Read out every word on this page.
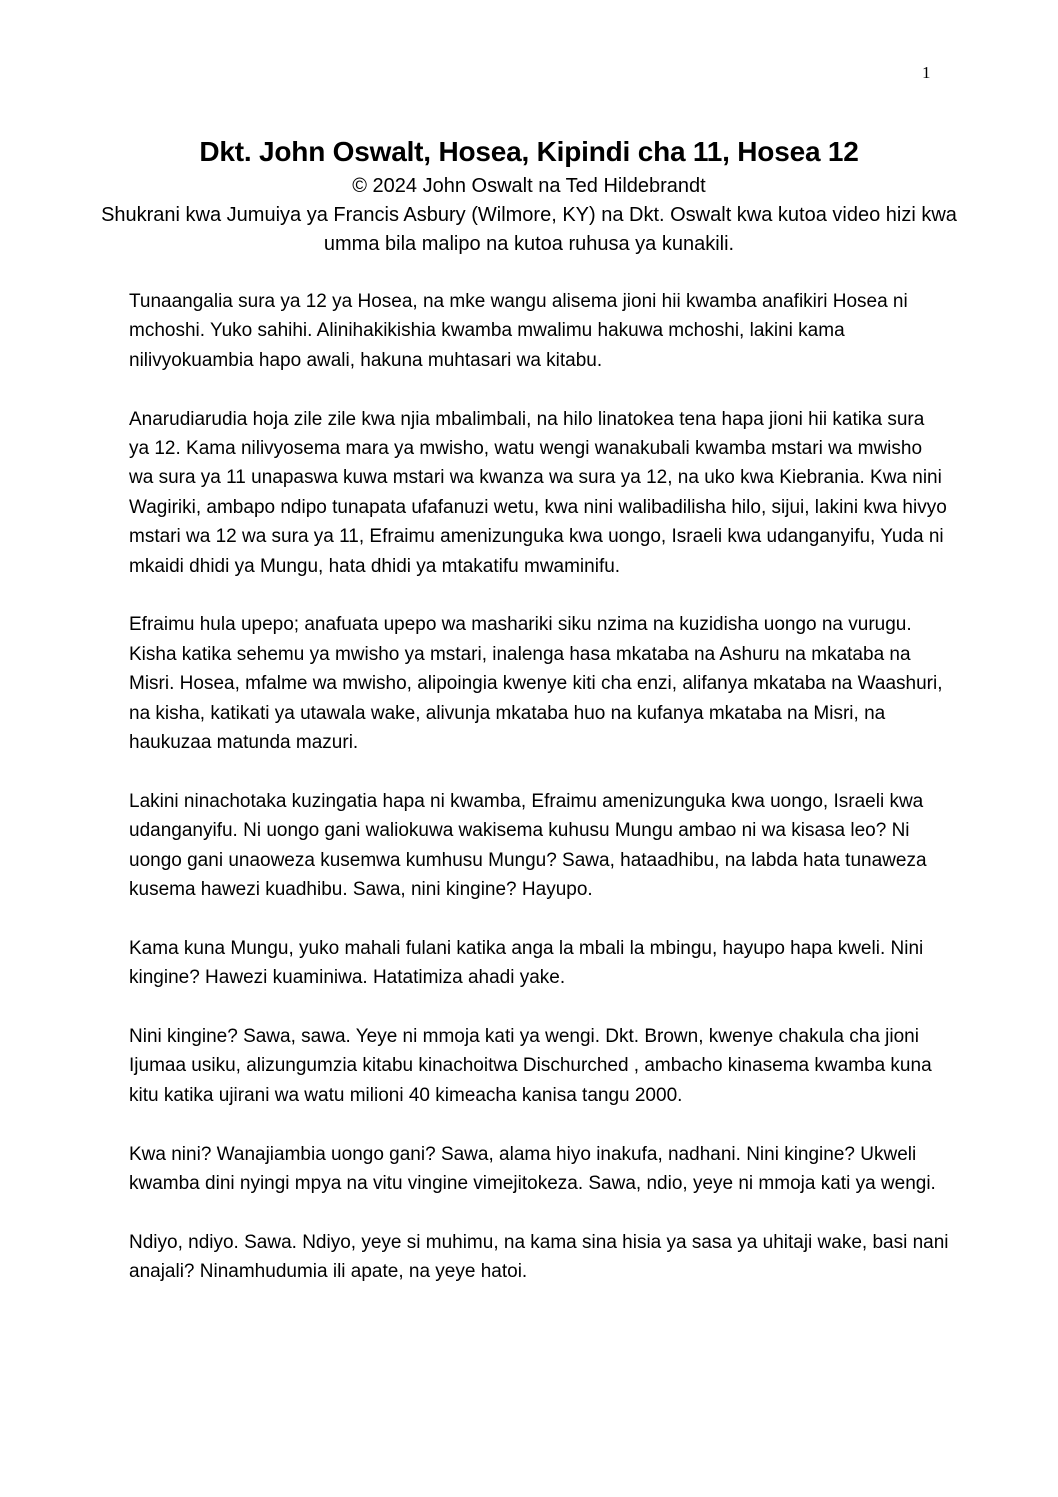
1
Dkt. John Oswalt, Hosea, Kipindi cha 11, Hosea 12

© 2024 John Oswalt na Ted Hildebrandt

Shukrani kwa Jumuiya ya Francis Asbury (Wilmore, KY) na Dkt. Oswalt kwa kutoa video hizi kwa umma bila malipo na kutoa ruhusa ya kunakili.

Tunaangalia sura ya 12 ya Hosea, na mke wangu alisema jioni hii kwamba anafikiri Hosea ni mchoshi. Yuko sahihi. Alinihakikishia kwamba mwalimu hakuwa mchoshi, lakini kama nilivyokuambia hapo awali, hakuna muhtasari wa kitabu.

Anarudiarudia hoja zile zile kwa njia mbalimbali, na hilo linatokea tena hapa jioni hii katika sura ya 12. Kama nilivyosema mara ya mwisho, watu wengi wanakubali kwamba mstari wa mwisho wa sura ya 11 unapaswa kuwa mstari wa kwanza wa sura ya 12, na uko kwa Kiebrania. Kwa nini Wagiriki, ambapo ndipo tunapata ufafanuzi wetu, kwa nini walibadilisha hilo, sijui, lakini kwa hivyo mstari wa 12 wa sura ya 11, Efraimu amenizunguka kwa uongo, Israeli kwa udanganyifu, Yuda ni mkaidi dhidi ya Mungu, hata dhidi ya mtakatifu mwaminifu.

Efraimu hula upepo; anafuata upepo wa mashariki siku nzima na kuzidisha uongo na vurugu. Kisha katika sehemu ya mwisho ya mstari, inalenga hasa mkataba na Ashuru na mkataba na Misri. Hosea, mfalme wa mwisho, alipoingia kwenye kiti cha enzi, alifanya mkataba na Waashuri, na kisha, katikati ya utawala wake, alivunja mkataba huo na kufanya mkataba na Misri, na haukuzaa matunda mazuri.

Lakini ninachotaka kuzingatia hapa ni kwamba, Efraimu amenizunguka kwa uongo, Israeli kwa udanganyifu. Ni uongo gani waliokuwa wakisema kuhusu Mungu ambao ni wa kisasa leo? Ni uongo gani unaoweza kusemwa kumhusu Mungu? Sawa, hataadhibu, na labda hata tunaweza kusema hawezi kuadhibu. Sawa, nini kingine? Hayupo.

Kama kuna Mungu, yuko mahali fulani katika anga la mbali la mbingu, hayupo hapa kweli. Nini kingine? Hawezi kuaminiwa. Hatatimiza ahadi yake.

Nini kingine? Sawa, sawa. Yeye ni mmoja kati ya wengi. Dkt. Brown, kwenye chakula cha jioni Ijumaa usiku, alizungumzia kitabu kinachoitwa Dischurched , ambacho kinasema kwamba kuna kitu katika ujirani wa watu milioni 40 kimeacha kanisa tangu 2000.

Kwa nini? Wanajiambia uongo gani? Sawa, alama hiyo inakufa, nadhani. Nini kingine? Ukweli kwamba dini nyingi mpya na vitu vingine vimejitokeza. Sawa, ndio, yeye ni mmoja kati ya wengi.

Ndiyo, ndiyo. Sawa. Ndiyo, yeye si muhimu, na kama sina hisia ya sasa ya uhitaji wake, basi nani anajali? Ninamhudumia ili apate, na yeye hatoi.
